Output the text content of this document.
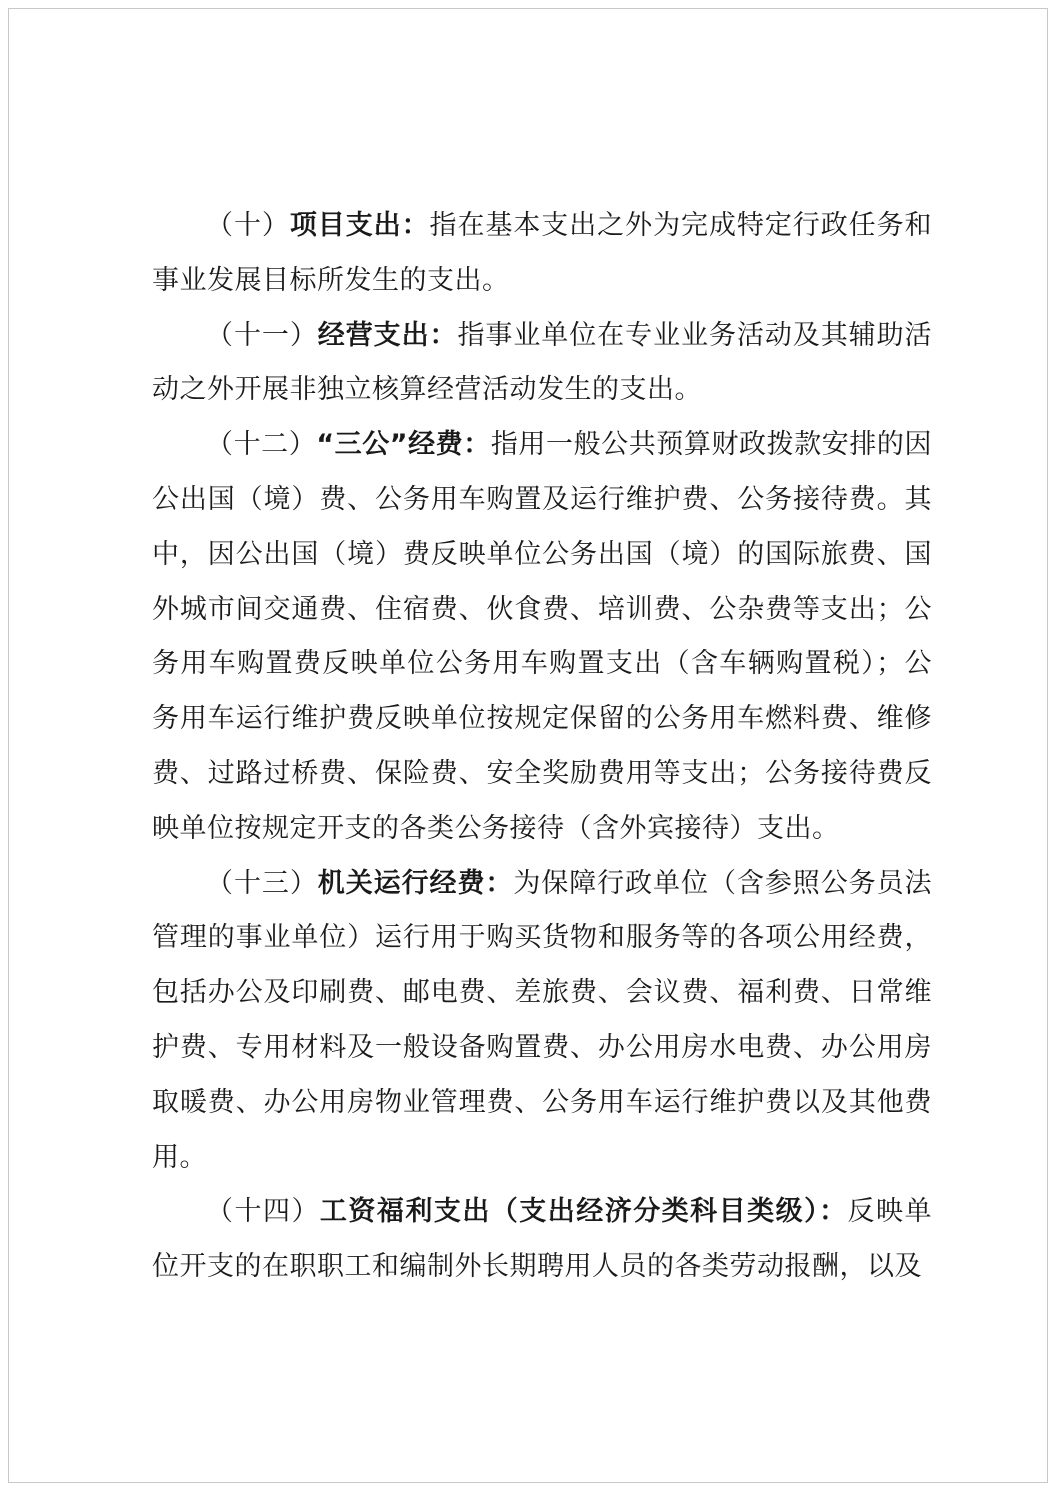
（十）项目支出：指在基本支出之外为完成特定行政任务和事业发展目标所发生的支出。

（十一）经营支出：指事业单位在专业业务活动及其辅助活动之外开展非独立核算经营活动发生的支出。

（十二）“三公”经费：指用一般公共预算财政拨款安排的因公出国（境）费、公务用车购置及运行维护费、公务接待费。其中，因公出国（境）费反映单位公务出国（境）的国际旅费、国外城市间交通费、住宿费、伙食费、培训费、公杂费等支出；公务用车购置费反映单位公务用车购置支出（含车辆购置税）；公务用车运行维护费反映单位按规定保留的公务用车燃料费、维修费、过路过桥费、保险费、安全奖励费用等支出；公务接待费反映单位按规定开支的各类公务接待（含外宾接待）支出。

（十三）机关运行经费：为保障行政单位（含参照公务员法管理的事业单位）运行用于购买货物和服务等的各项公用经费，包括办公及印刷费、邮电费、差旅费、会议费、福利费、日常维护费、专用材料及一般设备购置费、办公用房水电费、办公用房取暖费、办公用房物业管理费、公务用车运行维护费以及其他费用。

（十四）工资福利支出（支出经济分类科目类级）：反映单位开支的在职职工和编制外长期聘用人员的各类劳动报酬，以及
